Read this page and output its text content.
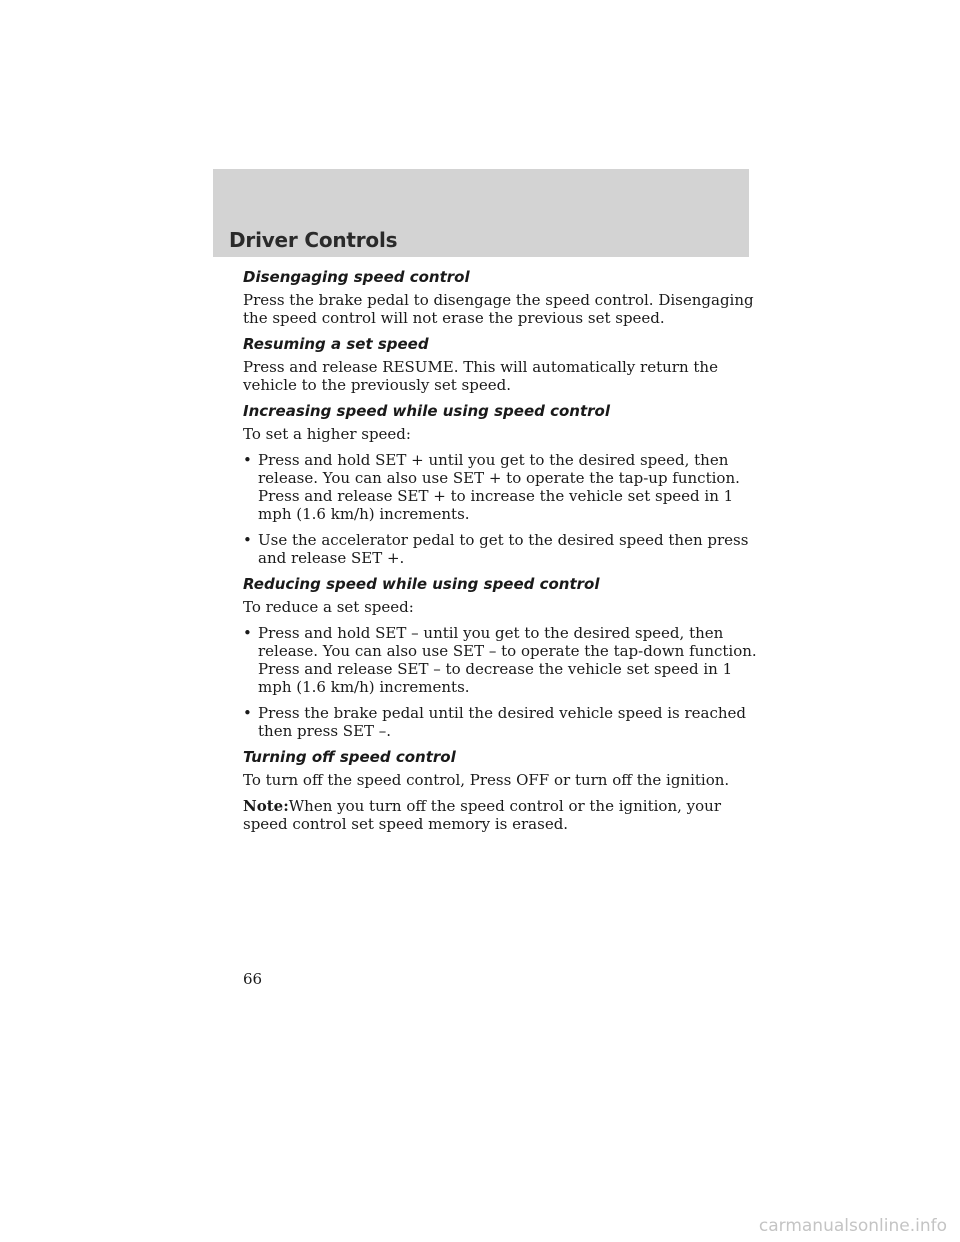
Driver Controls
Disengaging speed control

Press the brake pedal to disengage the speed control. Disengaging the speed control will not erase the previous set speed.

Resuming a set speed

Press and release RESUME. This will automatically return the vehicle to the previously set speed.

Increasing speed while using speed control

To set a higher speed:

• Press and hold SET + until you get to the desired speed, then release. You can also use SET + to operate the tap-up function. Press and release SET + to increase the vehicle set speed in 1 mph (1.6 km/h) increments.
• Use the accelerator pedal to get to the desired speed then press and release SET +.
Reducing speed while using speed control

To reduce a set speed:

• Press and hold SET – until you get to the desired speed, then release. You can also use SET – to operate the tap-down function. Press and release SET – to decrease the vehicle set speed in 1 mph (1.6 km/h) increments.
• Press the brake pedal until the desired vehicle speed is reached then press SET –.
Turning off speed control

To turn off the speed control, Press OFF or turn off the ignition.

Note:When you turn off the speed control or the ignition, your speed control set speed memory is erased.

66

carmanualsonline.info
